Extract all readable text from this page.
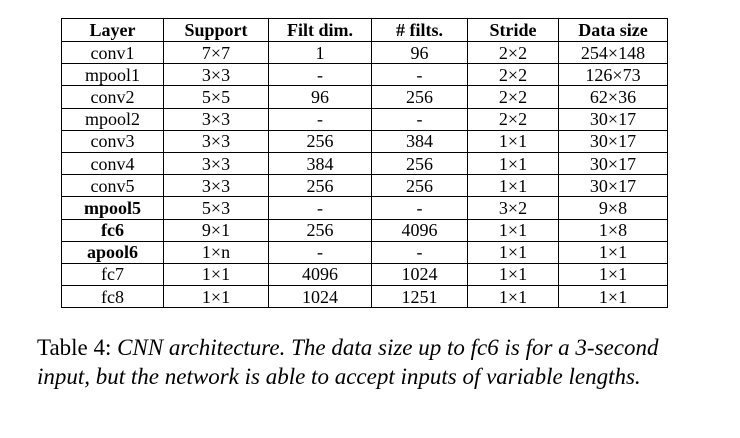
Layer	Support	Filt dim.	# filts.	Stride	Data size
conv1	7×7	1	96	2×2	254×148
mpool1	3×3	-	-	2×2	126×73
conv2	5×5	96	256	2×2	62×36
mpool2	3×3	-	-	2×2	30×17
conv3	3×3	256	384	1×1	30×17
conv4	3×3	384	256	1×1	30×17
conv5	3×3	256	256	1×1	30×17
mpool5	5×3	-	-	3×2	9×8
fc6	9×1	256	4096	1×1	1×8
apool6	1×n	-	-	1×1	1×1
fc7	1×1	4096	1024	1×1	1×1
fc8	1×1	1024	1251	1×1	1×1
Table 4: CNN architecture. The data size up to fc6 is for a 3-second input, but the network is able to accept inputs of variable lengths.
